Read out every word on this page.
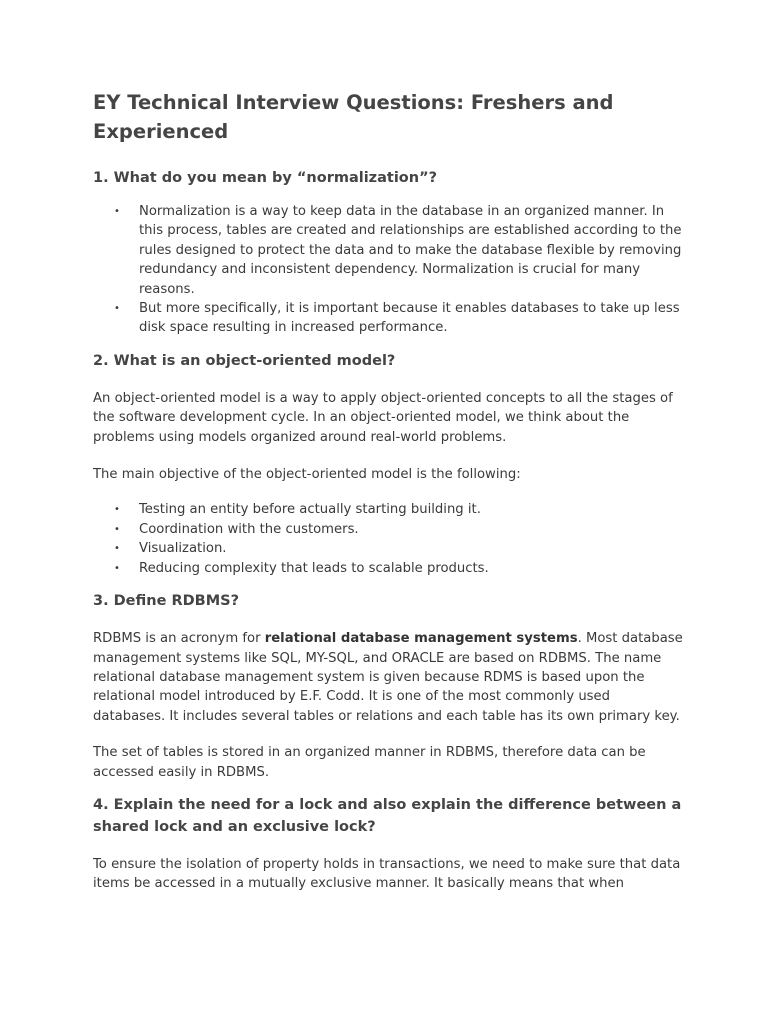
EY Technical Interview Questions: Freshers and Experienced
1. What do you mean by “normalization”?
• Normalization is a way to keep data in the database in an organized manner. In this process, tables are created and relationships are established according to the rules designed to protect the data and to make the database flexible by removing redundancy and inconsistent dependency. Normalization is crucial for many reasons.
• But more specifically, it is important because it enables databases to take up less disk space resulting in increased performance.
2. What is an object-oriented model?

An object-oriented model is a way to apply object-oriented concepts to all the stages of the software development cycle. In an object-oriented model, we think about the problems using models organized around real-world problems.

The main objective of the object-oriented model is the following:

• Testing an entity before actually starting building it.
• Coordination with the customers.
• Visualization.
• Reducing complexity that leads to scalable products.
3. Define RDBMS?

RDBMS is an acronym for relational database management systems. Most database management systems like SQL, MY-SQL, and ORACLE are based on RDBMS. The name relational database management system is given because RDMS is based upon the relational model introduced by E.F. Codd. It is one of the most commonly used databases. It includes several tables or relations and each table has its own primary key.

The set of tables is stored in an organized manner in RDBMS, therefore data can be accessed easily in RDBMS.

4. Explain the need for a lock and also explain the difference between a shared lock and an exclusive lock?

To ensure the isolation of property holds in transactions, we need to make sure that data items be accessed in a mutually exclusive manner. It basically means that when
